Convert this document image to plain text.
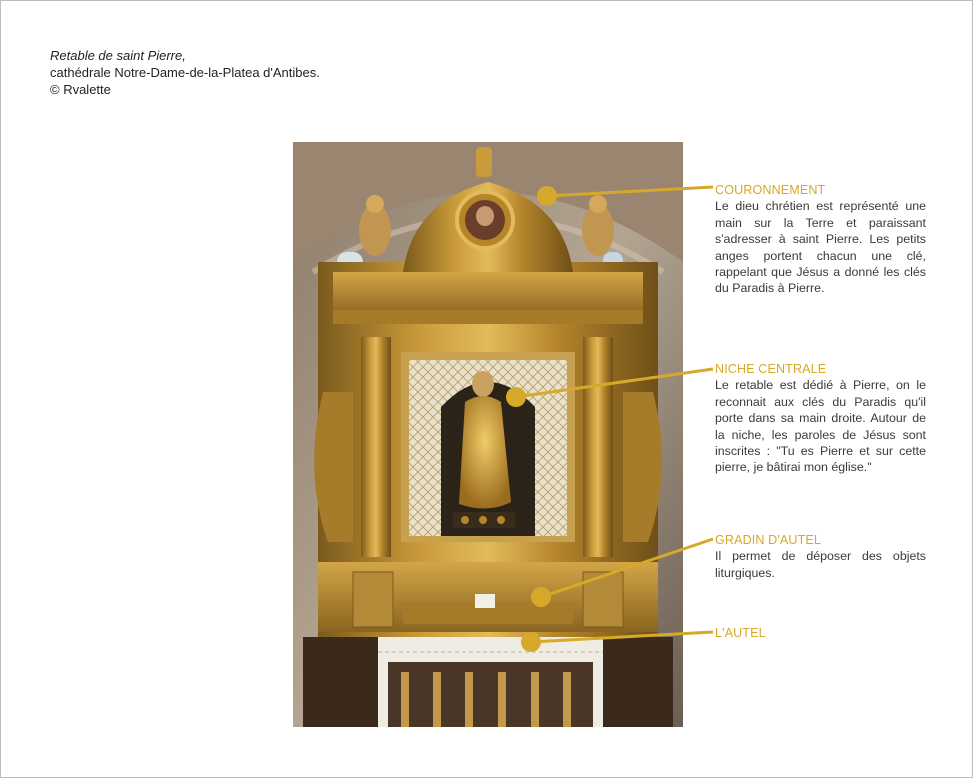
Retable de saint Pierre,
cathédrale Notre-Dame-de-la-Platea d'Antibes.
© Rvalette
COURONNEMENT
Le dieu chrétien est représenté une main sur la Terre et paraissant s'adresser à saint Pierre. Les petits anges portent chacun une clé, rappelant que Jésus a donné les clés du Paradis à Pierre.
NICHE CENTRALE
Le retable est dédié à Pierre, on le reconnait aux clés du Paradis qu'il porte dans sa main droite. Autour de la niche, les paroles de Jésus sont inscrites : "Tu es Pierre et sur cette pierre, je bâtirai mon église."
GRADIN D'AUTEL
Il permet de déposer des objets liturgiques.
L'AUTEL
